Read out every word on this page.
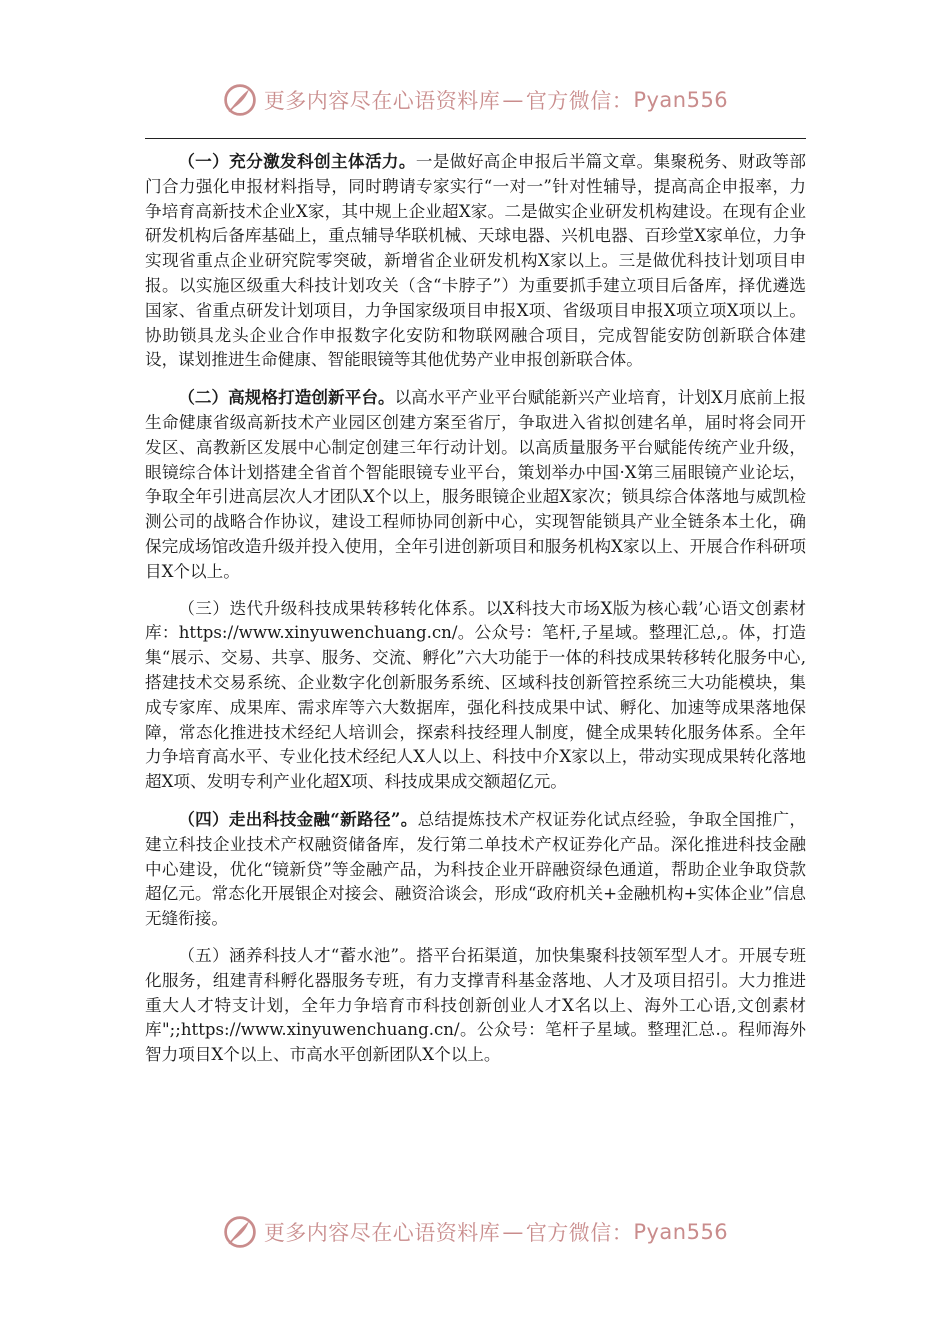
更多内容尽在心语资料库 — 官方微信： Pyan556

（一）充分激发科创主体活力。一是做好高企申报后半篇文章。集聚税务、财政等部门合力强化申报材料指导，同时聘请专家实行“一对一”针对性辅导，提高高企申报率，力争培育高新技术企业X家，其中规上企业超X家。二是做实企业研发机构建设。在现有企业研发机构后备库基础上，重点辅导华联机械、天球电器、兴机电器、百珍堂X家单位，力争实现省重点企业研究院零突破，新增省企业研发机构X家以上。三是做优科技计划项目申报。以实施区级重大科技计划攻关（含“卡脖子”）为重要抓手建立项目后备库，择优遴选国家、省重点研发计划项目，力争国家级项目申报X项、省级项目申报X项立项X项以上。协助锁具龙头企业合作申报数字化安防和物联网融合项目，完成智能安防创新联合体建设，谋划推进生命健康、智能眼镜等其他优势产业申报创新联合体。

（二）高规格打造创新平台。以高水平产业平台赋能新兴产业培育，计划X月底前上报生命健康省级高新技术产业园区创建方案至省厅，争取进入省拟创建名单，届时将会同开发区、高教新区发展中心制定创建三年行动计划。以高质量服务平台赋能传统产业升级，眼镜综合体计划搭建全省首个智能眼镜专业平台，策划举办中国·X第三届眼镜产业论坛，争取全年引进高层次人才团队X个以上，服务眼镜企业超X家次；锁具综合体落地与威凯检测公司的战略合作协议，建设工程师协同创新中心，实现智能锁具产业全链条本土化，确保完成场馆改造升级并投入使用，全年引进创新项目和服务机构X家以上、开展合作科研项目X个以上。

（三）迭代升级科技成果转移转化体系。以X科技大市场X版为核心载’心语文创素材库：https://www.xinyuwenchuang.cn/。公众号：笔杆,子星域。整理汇总,。体，打造集“展示、交易、共享、服务、交流、孵化”六大功能于一体的科技成果转移转化服务中心,搭建技术交易系统、企业数字化创新服务系统、区域科技创新管控系统三大功能模块，集成专家库、成果库、需求库等六大数据库，强化科技成果中试、孵化、加速等成果落地保障，常态化推进技术经纪人培训会，探索科技经理人制度，健全成果转化服务体系。全年力争培育高水平、专业化技术经纪人X人以上、科技中介X家以上，带动实现成果转化落地超X项、发明专利产业化超X项、科技成果成交额超亿元。

（四）走出科技金融“新路径”。总结提炼技术产权证券化试点经验，争取全国推广，建立科技企业技术产权融资储备库，发行第二单技术产权证券化产品。深化推进科技金融中心建设，优化“镜新贷”等金融产品，为科技企业开辟融资绿色通道，帮助企业争取贷款超亿元。常态化开展银企对接会、融资洽谈会，形成“政府机关+金融机构+实体企业”信息无缝衔接。

（五）涵养科技人才“蓄水池”。搭平台拓渠道，加快集聚科技领军型人才。开展专班化服务，组建青科孵化器服务专班，有力支撑青科基金落地、人才及项目招引。大力推进重大人才特支计划，全年力争培育市科技创新创业人才X名以上、海外工心语,文创素材库";;https://www.xinyuwenchuang.cn/。公众号：笔杆子星域。整理汇总.。程师海外智力项目X个以上、市高水平创新团队X个以上。

更多内容尽在心语资料库 — 官方微信： Pyan556
